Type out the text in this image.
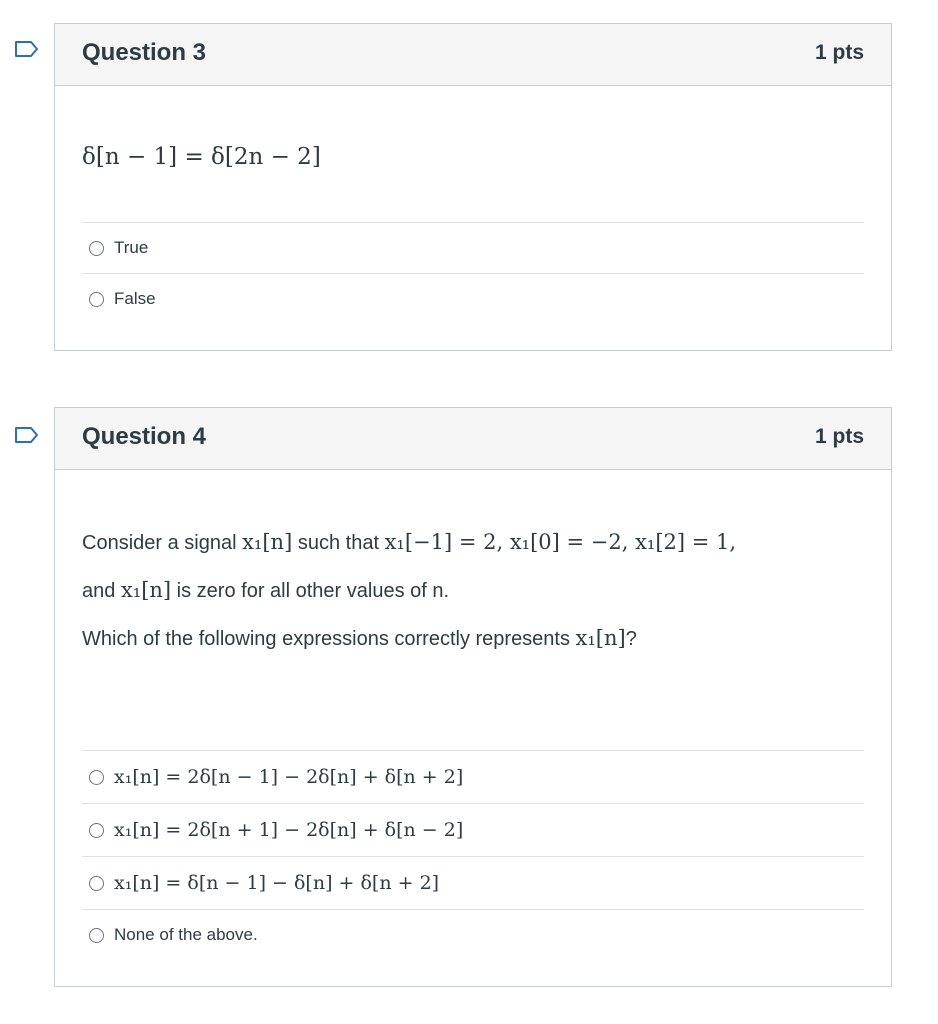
Question 3	1 pts
δ[n − 1] = δ[2n − 2]
True
False
Question 4	1 pts

Consider a signal x₁[n] such that x₁[−1] = 2, x₁[0] = −2, x₁[2] = 1,

and x₁[n] is zero for all other values of n.

Which of the following expressions correctly represents x₁[n]?

x₁[n] = 2δ[n − 1] − 2δ[n] + δ[n + 2]
x₁[n] = 2δ[n + 1] − 2δ[n] + δ[n − 2]
x₁[n] = δ[n − 1] − δ[n] + δ[n + 2]
None of the above.
